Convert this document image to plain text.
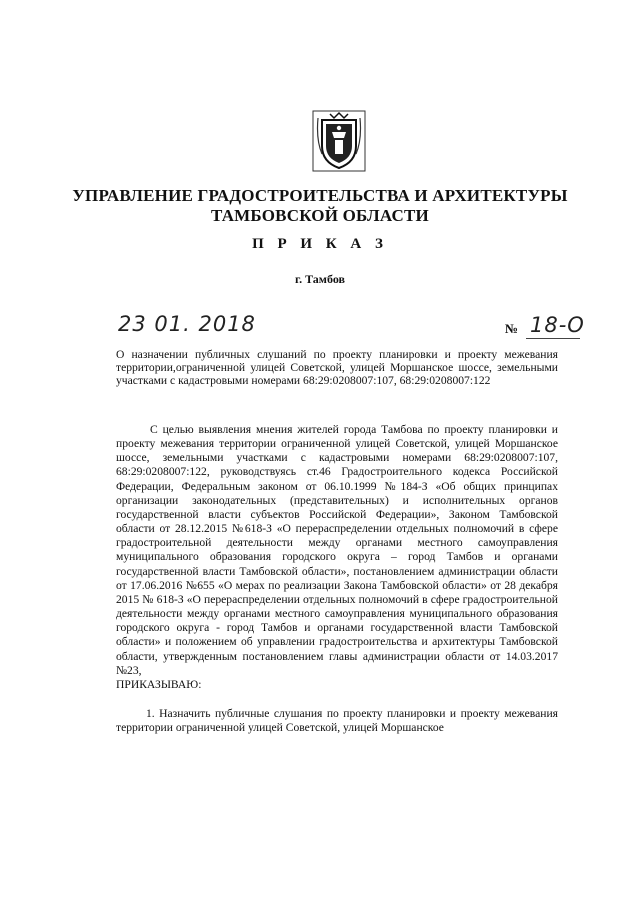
УПРАВЛЕНИЕ ГРАДОСТРОИТЕЛЬСТВА И АРХИТЕКТУРЫ
ТАМБОВСКОЙ ОБЛАСТИ
П Р И К А З
г. Тамбов
23 01. 2018	№ 18-О
О назначении публичных слушаний по проекту планировки и проекту межевания территории,ограниченной улицей Советской, улицей Моршанское шоссе, земельными участками с кадастровыми номерами 68:29:0208007:107, 68:29:0208007:122

С целью выявления мнения жителей города Тамбова по проекту планировки и проекту межевания территории ограниченной улицей Советской, улицей Моршанское шоссе, земельными участками с кадастровыми номерами 68:29:0208007:107, 68:29:0208007:122, руководствуясь ст.46 Градостроительного кодекса Российской Федерации, Федеральным законом от 06.10.1999 №184-З «Об общих принципах организации законодательных (представительных) и исполнительных органов государственной власти субъектов Российской Федерации», Законом Тамбовской области от 28.12.2015 №618-З «О перераспределении отдельных полномочий в сфере градостроительной деятельности между органами местного самоуправления муниципального образования городского округа – город Тамбов и органами государственной власти Тамбовской области», постановлением администрации области от 17.06.2016 №655 «О мерах по реализации Закона Тамбовской области» от 28 декабря 2015 № 618-З «О перераспределении отдельных полномочий в сфере градостроительной деятельности между органами местного самоуправления муниципального образования городского округа - город Тамбов и органами государственной власти Тамбовской области» и положением об управлении градостроительства и архитектуры Тамбовской области, утвержденным постановлением главы администрации области от 14.03.2017 №23,

ПРИКАЗЫВАЮ:

1. Назначить публичные слушания по проекту планировки и проекту межевания территории ограниченной улицей Советской, улицей Моршанское
